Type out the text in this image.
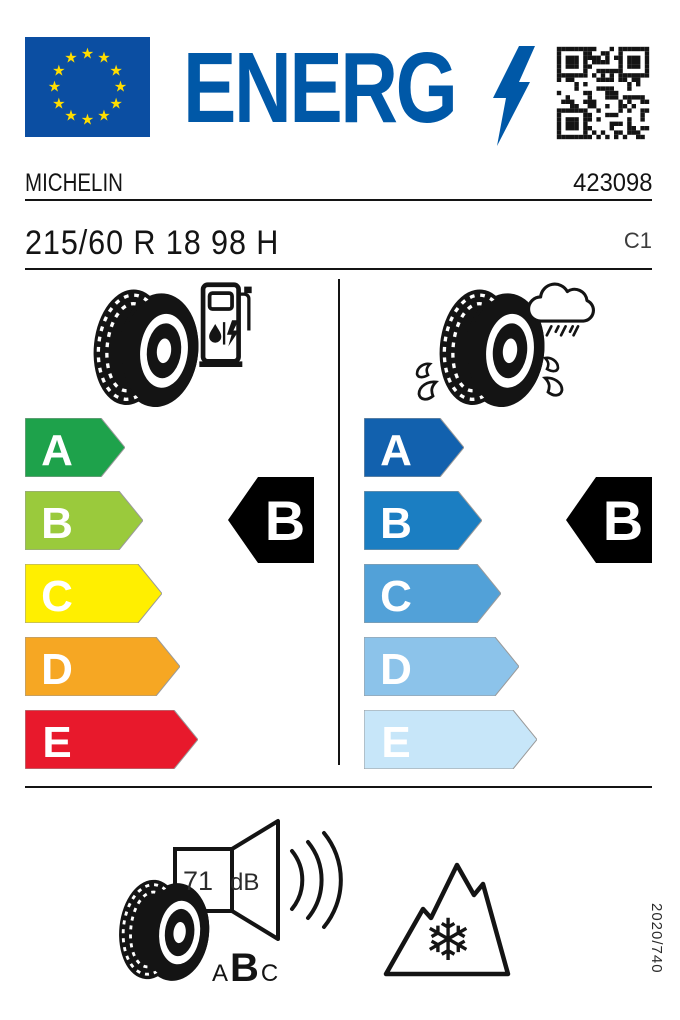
★ ★
★
★
★
★
★
★
★
★
★
★ ENERG
MICHELIN	423098
215/60 R 18 98 H	C1
A
B
C
D
E
A
B
C
D
E
B	B
71 dB
ABC ❄	2020/740
